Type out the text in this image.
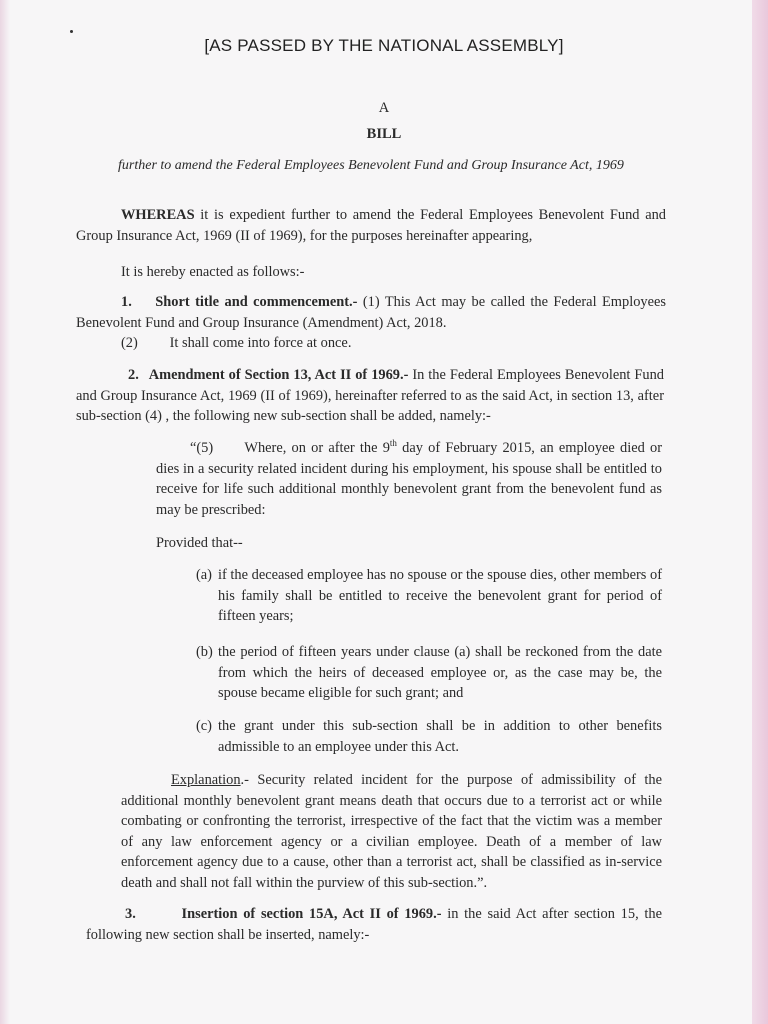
[AS PASSED BY THE NATIONAL ASSEMBLY]
A
BILL
further to amend the Federal Employees Benevolent Fund and Group Insurance Act, 1969
WHEREAS it is expedient further to amend the Federal Employees Benevolent Fund and Group Insurance Act, 1969 (II of 1969), for the purposes hereinafter appearing,
It is hereby enacted as follows:-
1. Short title and commencement.- (1) This Act may be called the Federal Employees Benevolent Fund and Group Insurance (Amendment) Act, 2018.
(2) It shall come into force at once.
2. Amendment of Section 13, Act II of 1969.- In the Federal Employees Benevolent Fund and Group Insurance Act, 1969 (II of 1969), hereinafter referred to as the said Act, in section 13, after sub-section (4) , the following new sub-section shall be added, namely:-
“(5) Where, on or after the 9th day of February 2015, an employee died or dies in a security related incident during his employment, his spouse shall be entitled to receive for life such additional monthly benevolent grant from the benevolent fund as may be prescribed:
Provided that--
(a) if the deceased employee has no spouse or the spouse dies, other members of his family shall be entitled to receive the benevolent grant for period of fifteen years;
(b) the period of fifteen years under clause (a) shall be reckoned from the date from which the heirs of deceased employee or, as the case may be, the spouse became eligible for such grant; and
(c) the grant under this sub-section shall be in addition to other benefits admissible to an employee under this Act.
Explanation.- Security related incident for the purpose of admissibility of the additional monthly benevolent grant means death that occurs due to a terrorist act or while combating or confronting the terrorist, irrespective of the fact that the victim was a member of any law enforcement agency or a civilian employee. Death of a member of law enforcement agency due to a cause, other than a terrorist act, shall be classified as in-service death and shall not fall within the purview of this sub-section.”.
3.	Insertion of section 15A, Act II of 1969.- in the said Act after section 15, the following new section shall be inserted, namely:-
